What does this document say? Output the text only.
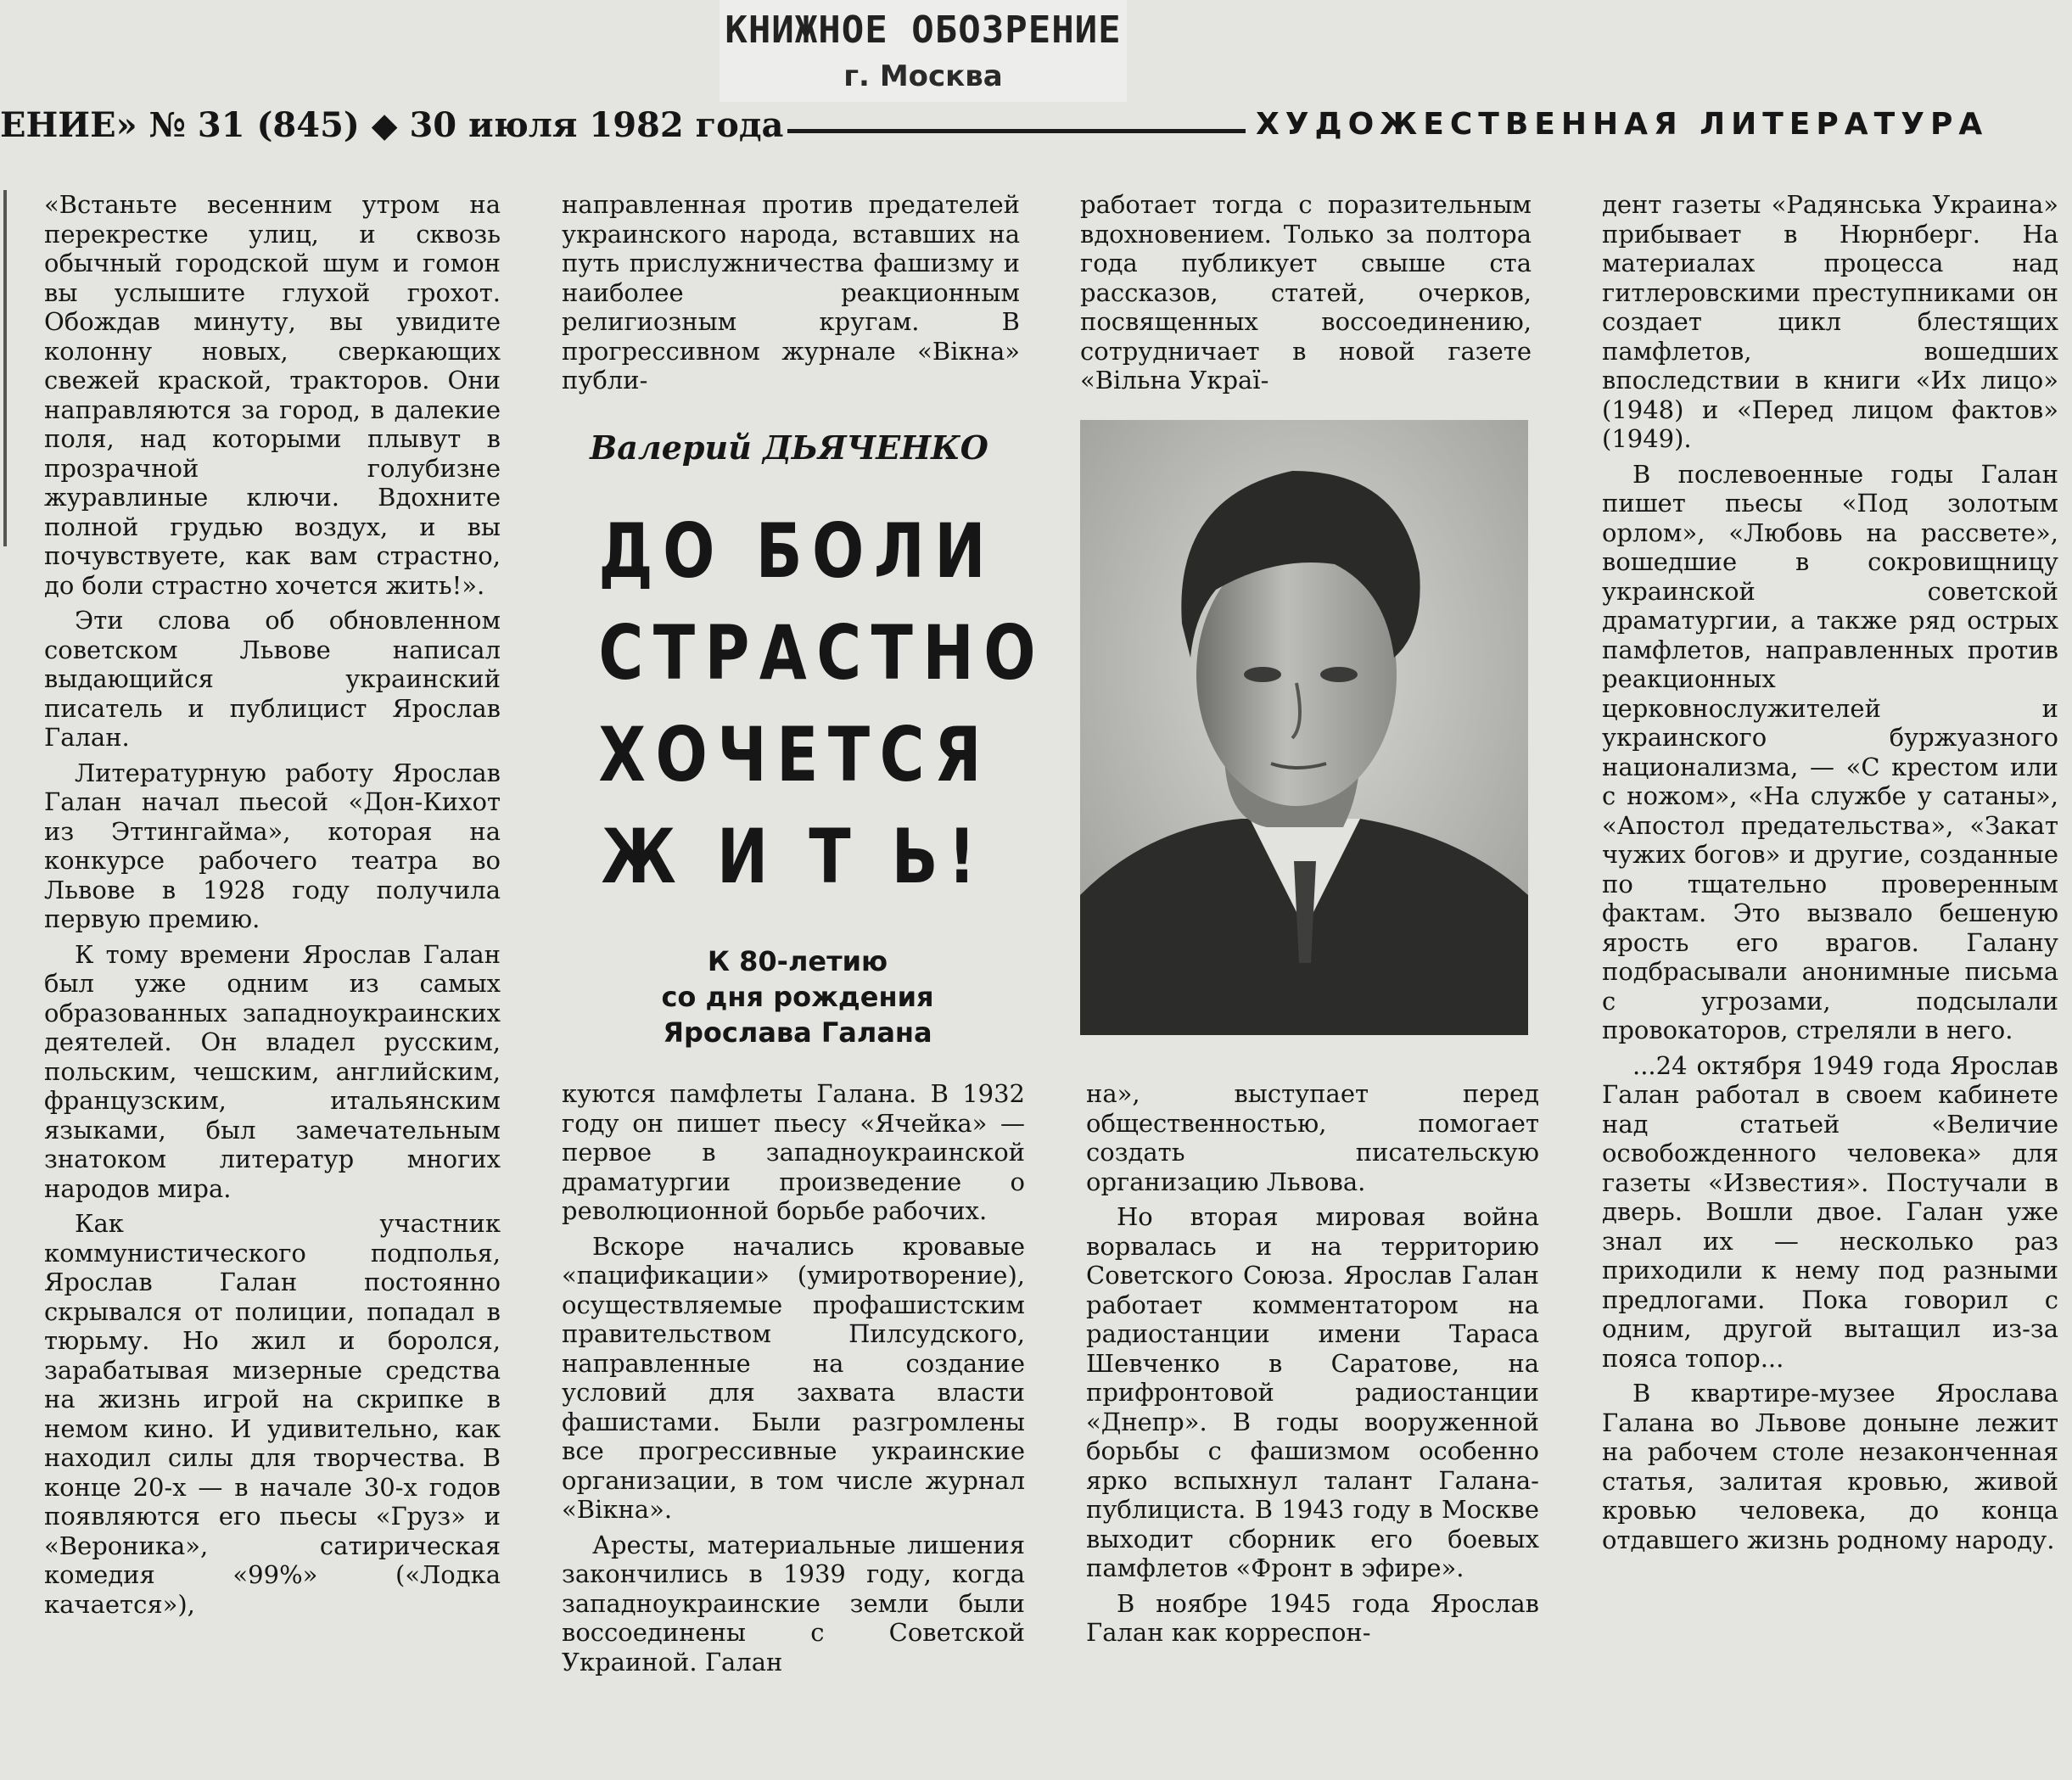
КНИЖНОЕ ОБОЗРЕНИЕ
г. Москва
ЕНИЕ» № 31 (845) ◆ 30 июля 1982 года	ХУДОЖЕСТВЕННАЯ ЛИТЕРАТУРА

«Встаньте весенним утром на перекрестке улиц, и сквозь обычный городской шум и гомон вы услышите глухой грохот. Обождав минуту, вы увидите колонну новых, сверкающих свежей краской, тракторов. Они направляются за город, в далекие поля, над которыми плывут в прозрачной голубизне журавлиные ключи. Вдохните полной грудью воздух, и вы почувствуете, как вам страстно, до боли страстно хочется жить!».

Эти слова об обновленном советском Львове написал выдающийся украинский писатель и публицист Ярослав Галан.

Литературную работу Ярослав Галан начал пьесой «Дон-Кихот из Эттингайма», которая на конкурсе рабочего театра во Львове в 1928 году получила первую премию.

К тому времени Ярослав Галан был уже одним из самых образованных западноукраинских деятелей. Он владел русским, польским, чешским, английским, французским, итальянским языками, был замечательным знатоком литератур многих народов мира.

Как участник коммунистического подполья, Ярослав Галан постоянно скрывался от полиции, попадал в тюрьму. Но жил и боролся, зарабатывая мизерные средства на жизнь игрой на скрипке в немом кино. И удивительно, как находил силы для творчества. В конце 20-х — в начале 30-х годов появляются его пьесы «Груз» и «Вероника», сатирическая комедия «99%» («Лодка качается»),

направленная против предателей украинского народа, вставших на путь прислужничества фашизму и наиболее реакционным религиозным кругам. В прогрессивном журнале «Вікна» публи-

Валерий ДЬЯЧЕНКО
ДО БОЛИ
СТРАСТНО
ХОЧЕТСЯ
Ж И Т Ь!
К 80-летию
со дня рождения
Ярослава Галана

куются памфлеты Галана. В 1932 году он пишет пьесу «Ячейка» — первое в западноукраинской драматургии произведение о революционной борьбе рабочих.

Вскоре начались кровавые «пацификации» (умиротворение), осуществляемые профашистским правительством Пилсудского, направленные на создание условий для захвата власти фашистами. Были разгромлены все прогрессивные украинские организации, в том числе журнал «Вікна».

Аресты, материальные лишения закончились в 1939 году, когда западноукраинские земли были воссоединены с Советской Украиной. Галан

работает тогда с поразительным вдохновением. Только за полтора года публикует свыше ста рассказов, статей, очерков, посвященных воссоединению, сотрудничает в новой газете «Вільна Украї-

на», выступает перед общественностью, помогает создать писательскую организацию Львова.

Но вторая мировая война ворвалась и на территорию Советского Союза. Ярослав Галан работает комментатором на радиостанции имени Тараса Шевченко в Саратове, на прифронтовой радиостанции «Днепр». В годы вооруженной борьбы с фашизмом особенно ярко вспыхнул талант Галана-публициста. В 1943 году в Москве выходит сборник его боевых памфлетов «Фронт в эфире».

В ноябре 1945 года Ярослав Галан как корреспон-

дент газеты «Радянська Украина» прибывает в Нюрнберг. На материалах процесса над гитлеровскими преступниками он создает цикл блестящих памфлетов, вошедших впоследствии в книги «Их лицо» (1948) и «Перед лицом фактов» (1949).

В послевоенные годы Галан пишет пьесы «Под золотым орлом», «Любовь на рассвете», вошедшие в сокровищницу украинской советской драматургии, а также ряд острых памфлетов, направленных против реакционных церковнослужителей и украинского буржуазного национализма, — «С крестом или с ножом», «На службе у сатаны», «Апостол предательства», «Закат чужих богов» и другие, созданные по тщательно проверенным фактам. Это вызвало бешеную ярость его врагов. Галану подбрасывали анонимные письма с угрозами, подсылали провокаторов, стреляли в него.

...24 октября 1949 года Ярослав Галан работал в своем кабинете над статьей «Величие освобожденного человека» для газеты «Известия». Постучали в дверь. Вошли двое. Галан уже знал их — несколько раз приходили к нему под разными предлогами. Пока говорил с одним, другой вытащил из-за пояса топор...

В квартире-музее Ярослава Галана во Львове доныне лежит на рабочем столе незаконченная статья, залитая кровью, живой кровью человека, до конца отдавшего жизнь родному народу.
